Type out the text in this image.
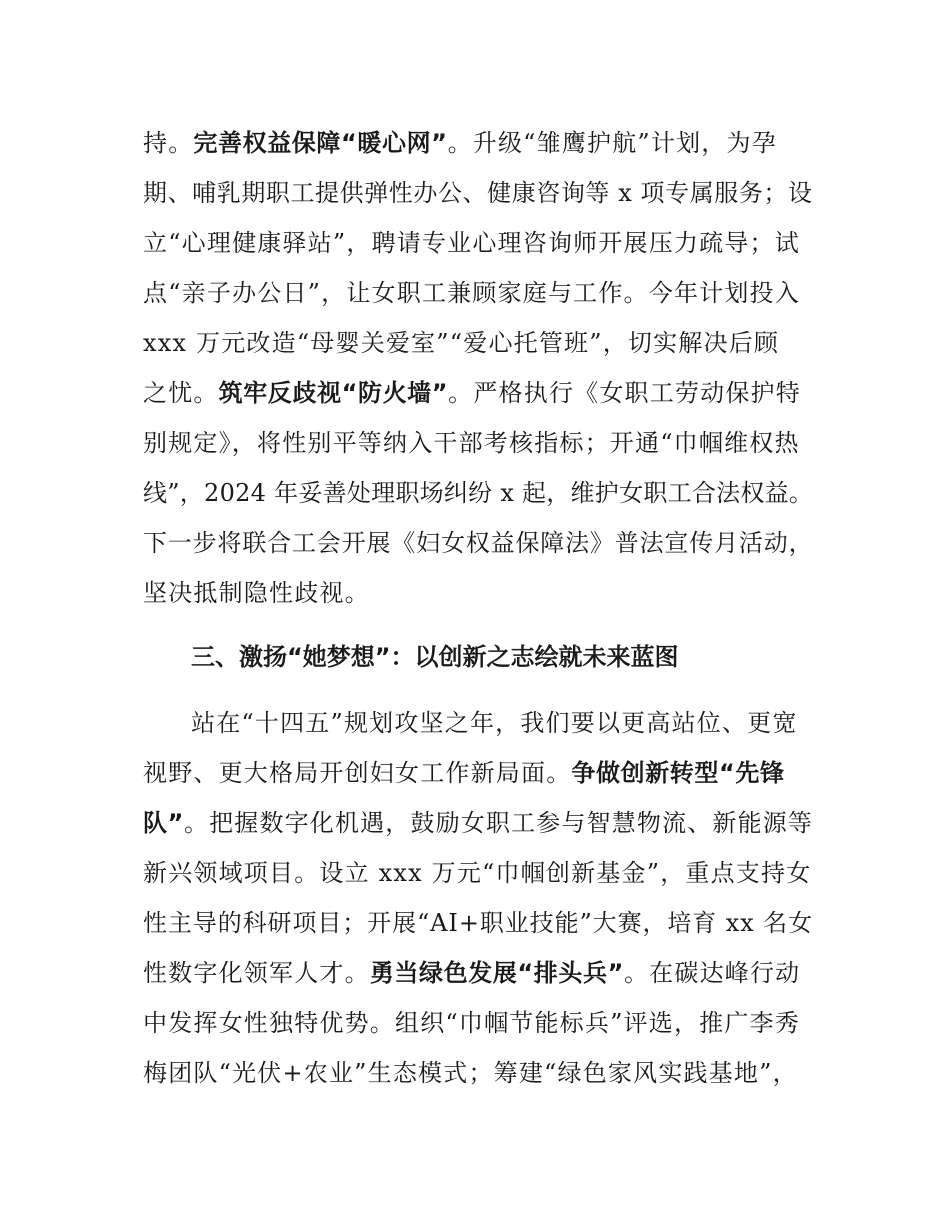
持。完善权益保障“暖心网”。升级“雏鹰护航”计划，为孕
期、哺乳期职工提供弹性办公、健康咨询等 x 项专属服务；设
立“心理健康驿站”，聘请专业心理咨询师开展压力疏导；试
点“亲子办公日”，让女职工兼顾家庭与工作。今年计划投入
xxx 万元改造“母婴关爱室”“爱心托管班”，切实解决后顾
之忧。筑牢反歧视“防火墙”。严格执行《女职工劳动保护特
别规定》，将性别平等纳入干部考核指标；开通“巾帼维权热
线”，2024 年妥善处理职场纠纷 x 起，维护女职工合法权益。
下一步将联合工会开展《妇女权益保障法》普法宣传月活动，
坚决抵制隐性歧视。
三、激扬“她梦想”：以创新之志绘就未来蓝图
站在“十四五”规划攻坚之年，我们要以更高站位、更宽
视野、更大格局开创妇女工作新局面。争做创新转型“先锋
队”。把握数字化机遇，鼓励女职工参与智慧物流、新能源等
新兴领域项目。设立 xxx 万元“巾帼创新基金”，重点支持女
性主导的科研项目；开展“AI+职业技能”大赛，培育 xx 名女
性数字化领军人才。勇当绿色发展“排头兵”。在碳达峰行动
中发挥女性独特优势。组织“巾帼节能标兵”评选，推广李秀
梅团队“光伏+农业”生态模式；筹建“绿色家风实践基地”，
